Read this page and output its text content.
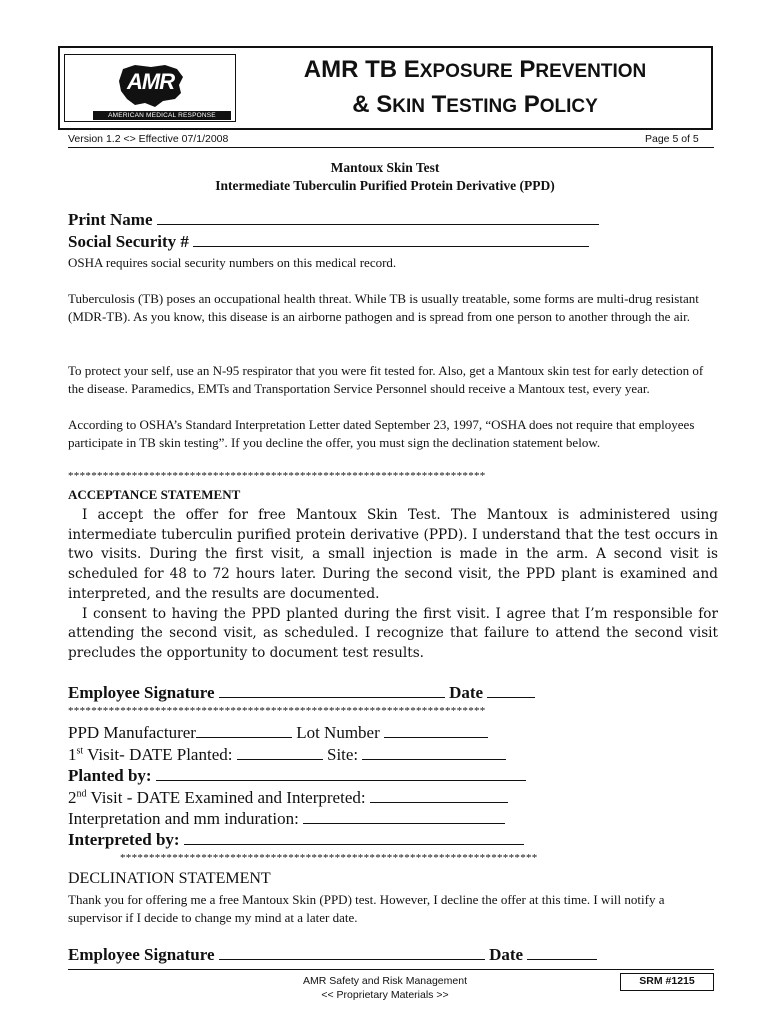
AMR
AMERICAN MEDICAL RESPONSE
AMR TB EXPOSURE PREVENTION
& SKIN TESTING POLICY
Version 1.2 <> Effective 07/1/2008	Page 5 of 5
Mantoux Skin Test
Intermediate Tuberculin Purified Protein Derivative (PPD)
Print Name
Social Security #
OSHA requires social security numbers on this medical record.
Tuberculosis (TB) poses an occupational health threat. While TB is usually treatable, some forms are multi-drug resistant (MDR-TB). As you know, this disease is an airborne pathogen and is spread from one person to another through the air.
To protect your self, use an N-95 respirator that you were fit tested for. Also, get a Mantoux skin test for early detection of the disease. Paramedics, EMTs and Transportation Service Personnel should receive a Mantoux test, every year.
According to OSHA’s Standard Interpretation Letter dated September 23, 1997, “OSHA does not require that employees participate in TB skin testing”. If you decline the offer, you must sign the declination statement below.
************************************************************************
ACCEPTANCE STATEMENT

I accept the offer for free Mantoux Skin Test. The Mantoux is administered using intermediate tuberculin purified protein derivative (PPD). I understand that the test occurs in two visits. During the first visit, a small injection is made in the arm. A second visit is scheduled for 48 to 72 hours later. During the second visit, the PPD plant is examined and interpreted, and the results are documented.

I consent to having the PPD planted during the first visit. I agree that I’m responsible for attending the second visit, as scheduled. I recognize that failure to attend the second visit precludes the opportunity to document test results.

Employee Signature	Date
************************************************************************
PPD Manufacturer	Lot Number
1st Visit- DATE Planted:	Site:
Planted by:
2nd Visit - DATE Examined and Interpreted:
Interpretation and mm induration:
Interpreted by:
************************************************************************
DECLINATION STATEMENT
Thank you for offering me a free Mantoux Skin (PPD) test. However, I decline the offer at this time. I will notify a supervisor if I decide to change my mind at a later date.
Employee Signature	Date
AMR Safety and Risk Management
<< Proprietary Materials >>
SRM #1215
